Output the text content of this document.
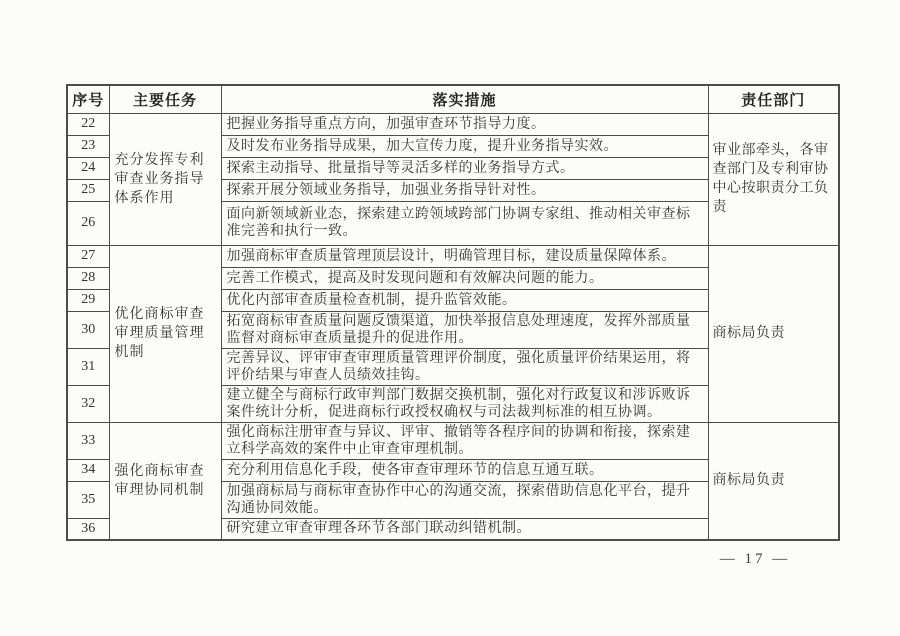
序号	主要任务	落实措施	责任部门
22	充分发挥专利审查业务指导体系作用	把握业务指导重点方向，加强审查环节指导力度。	审业部牵头，各审查部门及专利审协中心按职责分工负责
23		及时发布业务指导成果，加大宣传力度，提升业务指导实效。	
24		探索主动指导、批量指导等灵活多样的业务指导方式。	
25		探索开展分领域业务指导，加强业务指导针对性。	
26		面向新领域新业态，探索建立跨领域跨部门协调专家组、推动相关审查标准完善和执行一致。	
27	优化商标审查审理质量管理机制	加强商标审查质量管理顶层设计，明确管理目标，建设质量保障体系。	商标局负责
28		完善工作模式，提高及时发现问题和有效解决问题的能力。	
29		优化内部审查质量检查机制，提升监管效能。	
30		拓宽商标审查质量问题反馈渠道，加快举报信息处理速度，发挥外部质量监督对商标审查质量提升的促进作用。	
31		完善异议、评审审查审理质量管理评价制度，强化质量评价结果运用，将评价结果与审查人员绩效挂钩。	
32		建立健全与商标行政审判部门数据交换机制，强化对行政复议和涉诉败诉案件统计分析，促进商标行政授权确权与司法裁判标准的相互协调。	
33	强化商标审查审理协同机制	强化商标注册审查与异议、评审、撤销等各程序间的协调和衔接，探索建立科学高效的案件中止审查审理机制。	商标局负责
34		充分利用信息化手段，使各审查审理环节的信息互通互联。	
35		加强商标局与商标审查协作中心的沟通交流，探索借助信息化平台，提升沟通协同效能。	
36		研究建立审查审理各环节各部门联动纠错机制。	
— 17 —
